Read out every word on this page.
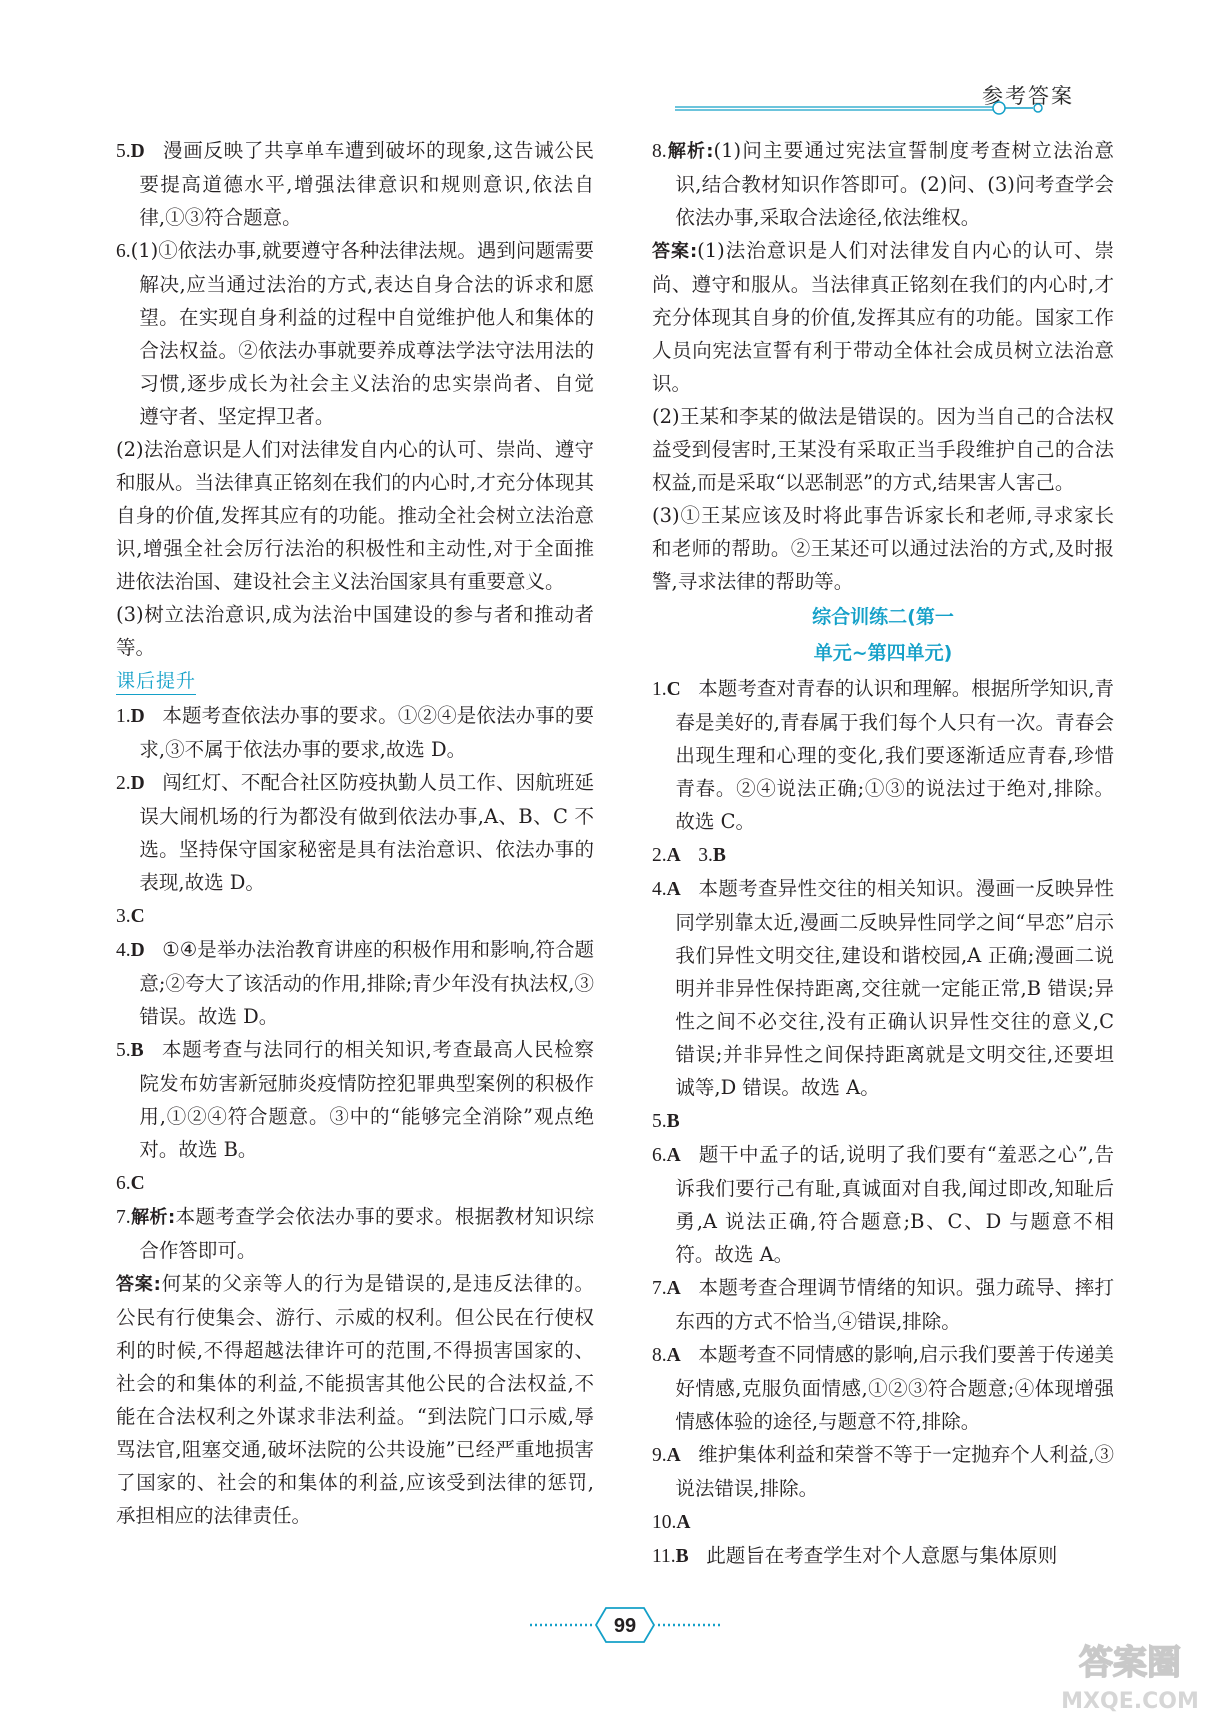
参考答案

5.D 漫画反映了共享单车遭到破坏的现象,这告诫公民要提高道德水平,增强法律意识和规则意识,依法自律,①③符合题意。

6.(1)①依法办事,就要遵守各种法律法规。遇到问题需要解决,应当通过法治的方式,表达自身合法的诉求和愿望。在实现自身利益的过程中自觉维护他人和集体的合法权益。②依法办事就要养成尊法学法守法用法的习惯,逐步成长为社会主义法治的忠实崇尚者、自觉遵守者、坚定捍卫者。

(2)法治意识是人们对法律发自内心的认可、崇尚、遵守和服从。当法律真正铭刻在我们的内心时,才充分体现其自身的价值,发挥其应有的功能。推动全社会树立法治意识,增强全社会厉行法治的积极性和主动性,对于全面推进依法治国、建设社会主义法治国家具有重要意义。

(3)树立法治意识,成为法治中国建设的参与者和推动者等。

课后提升

1.D 本题考查依法办事的要求。①②④是依法办事的要求,③不属于依法办事的要求,故选 D。

2.D 闯红灯、不配合社区防疫执勤人员工作、因航班延误大闹机场的行为都没有做到依法办事,A、B、C 不选。坚持保守国家秘密是具有法治意识、依法办事的表现,故选 D。

3.C

4.D ①④是举办法治教育讲座的积极作用和影响,符合题意;②夸大了该活动的作用,排除;青少年没有执法权,③错误。故选 D。

5.B 本题考查与法同行的相关知识,考查最高人民检察院发布妨害新冠肺炎疫情防控犯罪典型案例的积极作用,①②④符合题意。③中的“能够完全消除”观点绝对。故选 B。

6.C

7.解析:本题考查学会依法办事的要求。根据教材知识综合作答即可。

答案:何某的父亲等人的行为是错误的,是违反法律的。公民有行使集会、游行、示威的权利。但公民在行使权利的时候,不得超越法律许可的范围,不得损害国家的、社会的和集体的利益,不能损害其他公民的合法权益,不能在合法权利之外谋求非法利益。“到法院门口示威,辱骂法官,阻塞交通,破坏法院的公共设施”已经严重地损害了国家的、社会的和集体的利益,应该受到法律的惩罚,承担相应的法律责任。

8.解析:(1)问主要通过宪法宣誓制度考查树立法治意识,结合教材知识作答即可。(2)问、(3)问考查学会依法办事,采取合法途径,依法维权。

答案:(1)法治意识是人们对法律发自内心的认可、崇尚、遵守和服从。当法律真正铭刻在我们的内心时,才充分体现其自身的价值,发挥其应有的功能。国家工作人员向宪法宣誓有利于带动全体社会成员树立法治意识。

(2)王某和李某的做法是错误的。因为当自己的合法权益受到侵害时,王某没有采取正当手段维护自己的合法权益,而是采取“以恶制恶”的方式,结果害人害己。

(3)①王某应该及时将此事告诉家长和老师,寻求家长和老师的帮助。②王某还可以通过法治的方式,及时报警,寻求法律的帮助等。

综合训练二(第一
单元~第四单元)

1.C 本题考查对青春的认识和理解。根据所学知识,青春是美好的,青春属于我们每个人只有一次。青春会出现生理和心理的变化,我们要逐渐适应青春,珍惜青春。②④说法正确;①③的说法过于绝对,排除。故选 C。

2.A 3.B

4.A 本题考查异性交往的相关知识。漫画一反映异性同学别靠太近,漫画二反映异性同学之间“早恋”启示我们异性文明交往,建设和谐校园,A 正确;漫画二说明并非异性保持距离,交往就一定能正常,B 错误;异性之间不必交往,没有正确认识异性交往的意义,C 错误;并非异性之间保持距离就是文明交往,还要坦诚等,D 错误。故选 A。

5.B

6.A 题干中孟子的话,说明了我们要有“羞恶之心”,告诉我们要行己有耻,真诚面对自我,闻过即改,知耻后勇,A 说法正确,符合题意;B、C、D 与题意不相符。故选 A。

7.A 本题考查合理调节情绪的知识。强力疏导、摔打东西的方式不恰当,④错误,排除。

8.A 本题考查不同情感的影响,启示我们要善于传递美好情感,克服负面情感,①②③符合题意;④体现增强情感体验的途径,与题意不符,排除。

9.A 维护集体利益和荣誉不等于一定抛弃个人利益,③说法错误,排除。

10.A

11.B 此题旨在考查学生对个人意愿与集体原则

99
答案圈
MXQE.COM
